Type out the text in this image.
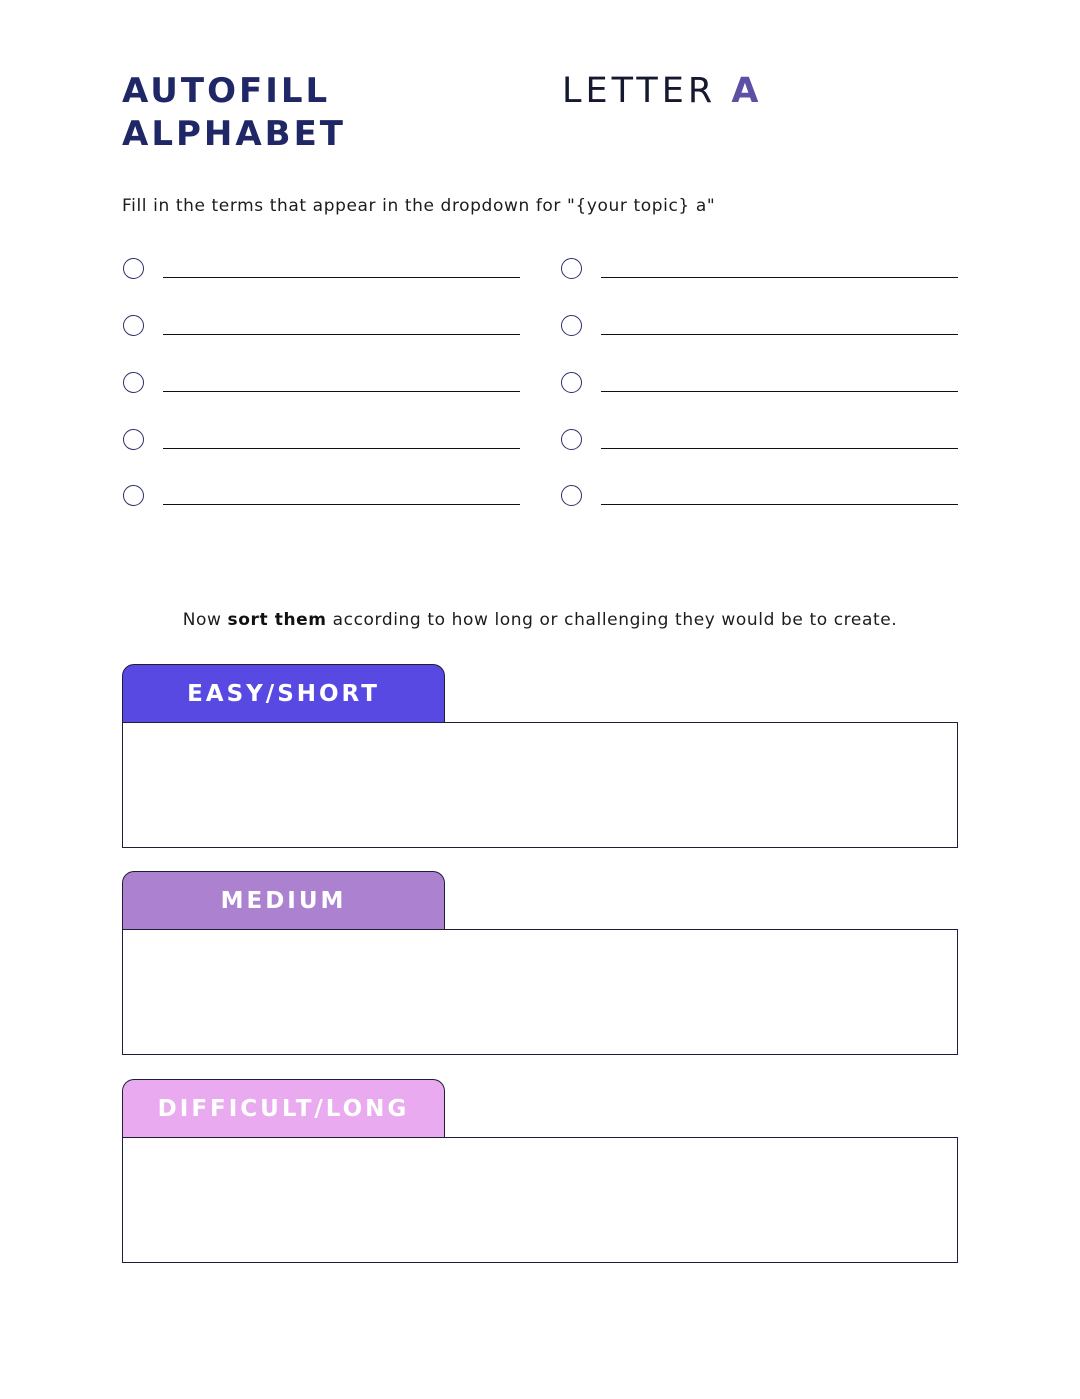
AUTOFILL
ALPHABET
LETTER A
Fill in the terms that appear in the dropdown for "{your topic} a"
Now sort them according to how long or challenging they would be to create.
EASY/SHORT
MEDIUM
DIFFICULT/LONG
